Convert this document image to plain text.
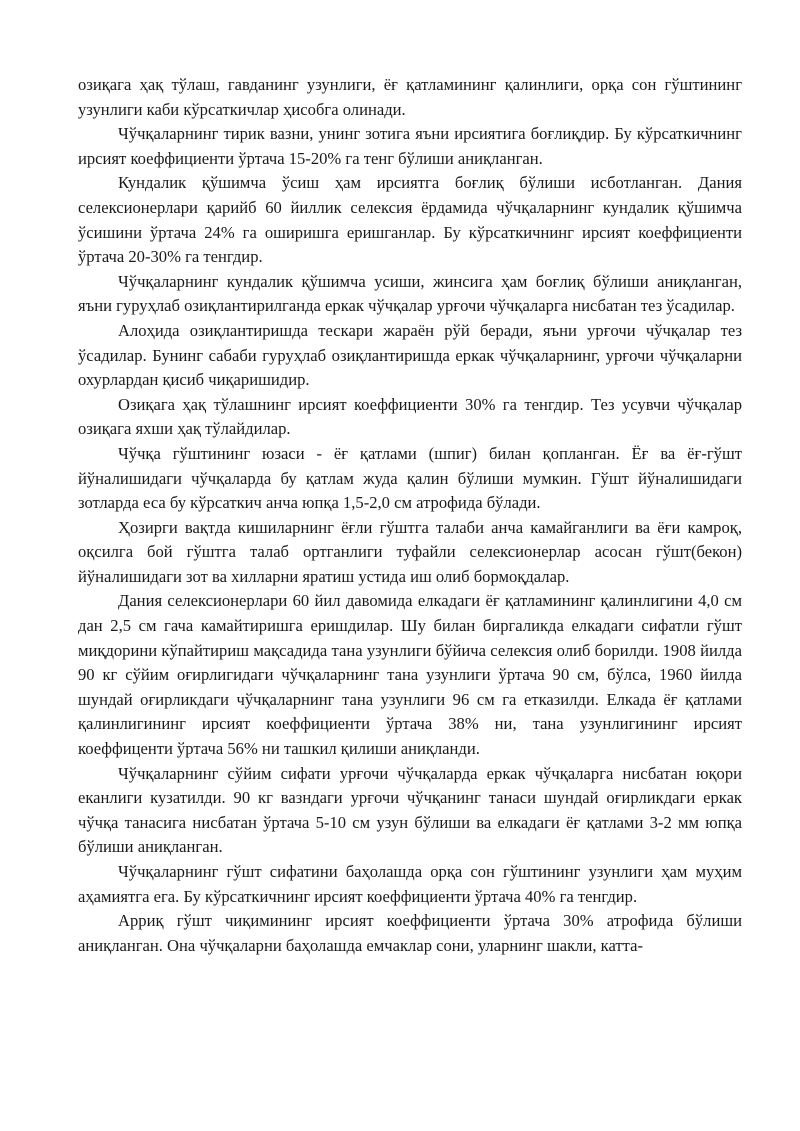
озиқага ҳақ тўлаш, гавданинг узунлиги, ёғ қатламининг қалинлиги, орқа сон гўштининг узунлиги каби кўрсаткичлар ҳисобга олинади.

Чўчқаларнинг тирик вазни, унинг зотига яъни ирсиятига боғлиқдир. Бу кўрсаткичнинг ирсият коеффициенти ўртача 15-20% га тенг бўлиши аниқланган.

Кундалик қўшимча ўсиш ҳам ирсиятга боғлиқ бўлиши исботланган. Дания селексионерлари қарийб 60 йиллик селексия ёрдамида чўчқаларнинг кундалик қўшимча ўсишини ўртача 24% га оширишга еришганлар. Бу кўрсаткичнинг ирсият коеффициенти ўртача 20-30% га тенгдир.

Чўчқаларнинг кундалик қўшимча усиши, жинсига ҳам боғлиқ бўлиши аниқланган, яъни гуруҳлаб озиқлантирилганда еркак чўчқалар урғочи чўчқаларга нисбатан тез ўсадилар.

Алоҳида озиқлантиришда тескари жараён рўй беради, яъни урғочи чўчқалар тез ўсадилар. Бунинг сабаби гуруҳлаб озиқлантиришда еркак чўчқаларнинг, урғочи чўчқаларни охурлардан қисиб чиқаришидир.

Озиқага ҳақ тўлашнинг ирсият коеффициенти 30% га тенгдир. Тез усувчи чўчқалар озиқага яхши ҳақ тўлайдилар.

Чўчқа гўштининг юзаси - ёғ қатлами (шпиг) билан қопланган. Ёғ ва ёғ-гўшт йўналишидаги чўчқаларда бу қатлам жуда қалин бўлиши мумкин. Гўшт йўналишидаги зотларда еса бу кўрсаткич анча юпқа 1,5-2,0 см атрофида бўлади.

Ҳозирги вақтда кишиларнинг ёғли гўштга талаби анча камайганлиги ва ёғи камроқ, оқсилга бой гўштга талаб ортганлиги туфайли селексионерлар асосан гўшт(бекон) йўналишидаги зот ва хилларни яратиш устида иш олиб бормоқдалар.

Дания селексионерлари 60 йил давомида елкадаги ёғ қатламининг қалинлигини 4,0 см дан 2,5 см гача камайтиришга еришдилар. Шу билан биргаликда елкадаги сифатли гўшт миқдорини кўпайтириш мақсадида тана узунлиги бўйича селексия олиб борилди. 1908 йилда 90 кг сўйим оғирлигидаги чўчқаларнинг тана узунлиги ўртача 90 см, бўлса, 1960 йилда шундай оғирликдаги чўчқаларнинг тана узунлиги 96 см га етказилди. Елкада ёғ қатлами қалинлигининг ирсият коеффициенти ўртача 38% ни, тана узунлигининг ирсият коеффиценти ўртача 56% ни ташкил қилиши аниқланди.

Чўчқаларнинг сўйим сифати урғочи чўчқаларда еркак чўчқаларга нисбатан юқори еканлиги кузатилди. 90 кг вазндаги урғочи чўчқанинг танаси шундай оғирликдаги еркак чўчқа танасига нисбатан ўртача 5-10 см узун бўлиши ва елкадаги ёғ қатлами 3-2 мм юпқа бўлиши аниқланган.

Чўчқаларнинг гўшт сифатини баҳолашда орқа сон гўштининг узунлиги ҳам муҳим аҳамиятга ега. Бу кўрсаткичнинг ирсият коеффициенти ўртача 40% га тенгдир.

Арриқ гўшт чиқимининг ирсият коеффициенти ўртача 30% атрофида бўлиши аниқланган. Она чўчқаларни баҳолашда емчаклар сони, уларнинг шакли, катта-
